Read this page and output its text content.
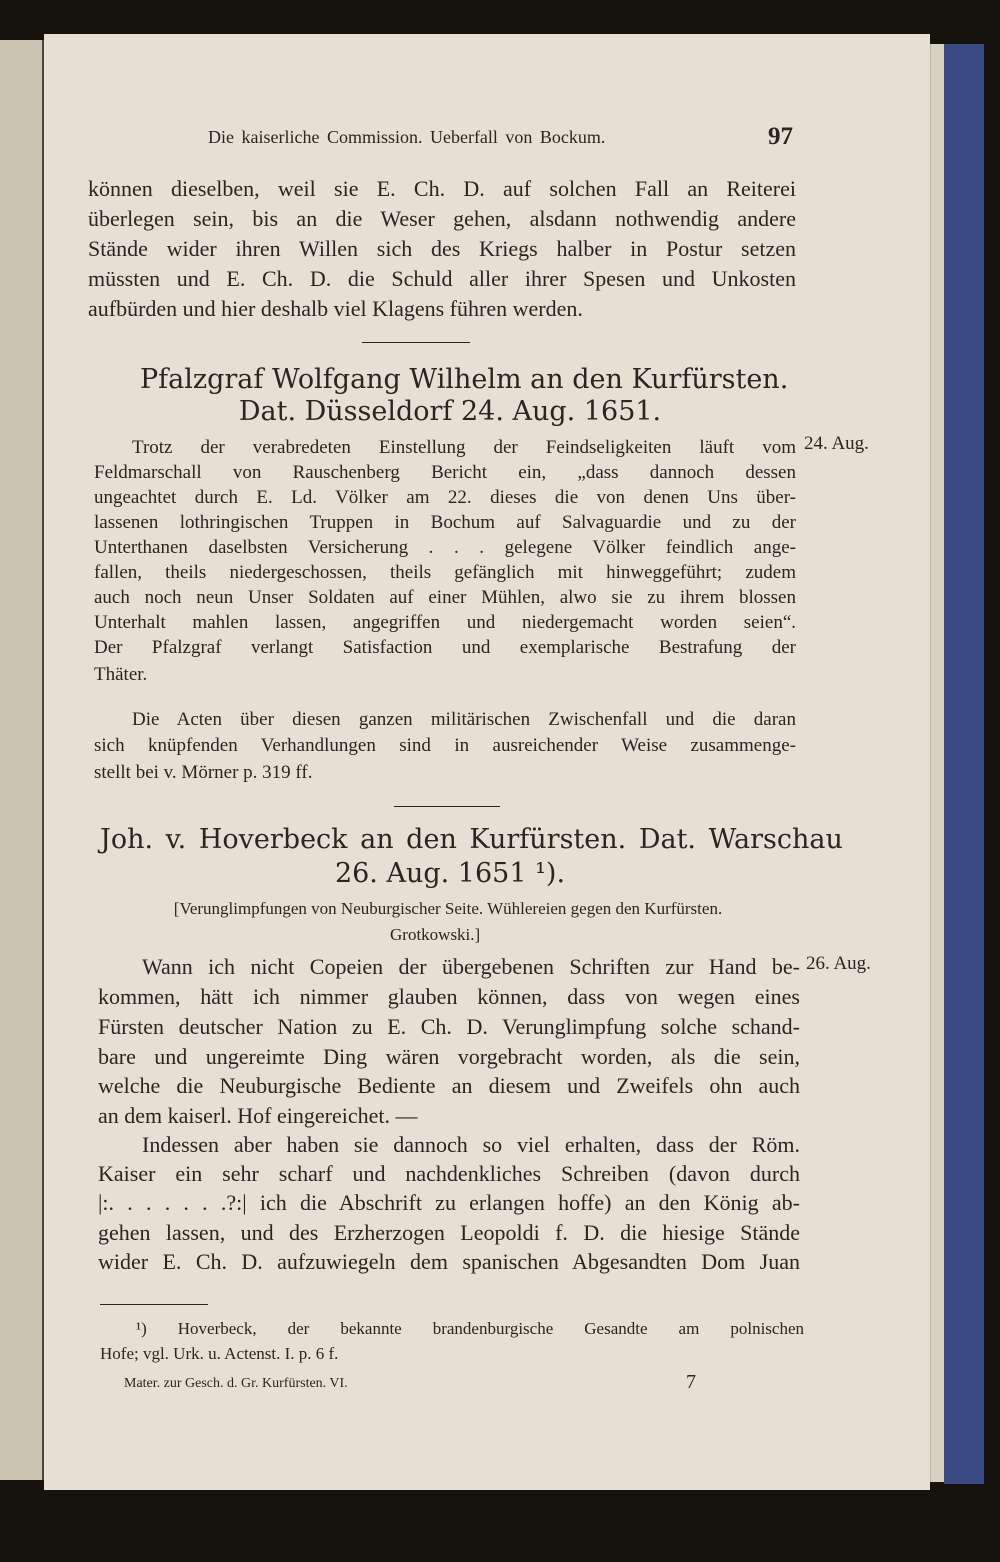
Die kaiserliche Commission. Ueberfall von Bockum.	97
können dieselben, weil sie E. Ch. D. auf solchen Fall an Reiterei
überlegen sein, bis an die Weser gehen, alsdann nothwendig andere
Stände wider ihren Willen sich des Kriegs halber in Postur setzen
müssten und E. Ch. D. die Schuld aller ihrer Spesen und Unkosten
aufbürden und hier deshalb viel Klagens führen werden.
Pfalzgraf Wolfgang Wilhelm an den Kurfürsten.
Dat. Düsseldorf 24. Aug. 1651.
24. Aug.
Trotz der verabredeten Einstellung der Feindseligkeiten läuft vom
Feldmarschall von Rauschenberg Bericht ein, „dass dannoch dessen
ungeachtet durch E. Ld. Völker am 22. dieses die von denen Uns über-
lassenen lothringischen Truppen in Bochum auf Salvaguardie und zu der
Unterthanen daselbsten Versicherung . . . gelegene Völker feindlich ange-
fallen, theils niedergeschossen, theils gefänglich mit hinweggeführt; zudem
auch noch neun Unser Soldaten auf einer Mühlen, alwo sie zu ihrem blossen
Unterhalt mahlen lassen, angegriffen und niedergemacht worden seien“.
Der Pfalzgraf verlangt Satisfaction und exemplarische Bestrafung der
Thäter.
Die Acten über diesen ganzen militärischen Zwischenfall und die daran
sich knüpfenden Verhandlungen sind in ausreichender Weise zusammenge-
stellt bei v. Mörner p. 319 ff.
Joh. v. Hoverbeck an den Kurfürsten. Dat. Warschau
26. Aug. 1651 ¹).
[Verunglimpfungen von Neuburgischer Seite. Wühlereien gegen den Kurfürsten.
Grotkowski.]
26. Aug.
Wann ich nicht Copeien der übergebenen Schriften zur Hand be-
kommen, hätt ich nimmer glauben können, dass von wegen eines
Fürsten deutscher Nation zu E. Ch. D. Verunglimpfung solche schand-
bare und ungereimte Ding wären vorgebracht worden, als die sein,
welche die Neuburgische Bediente an diesem und Zweifels ohn auch
an dem kaiserl. Hof eingereichet. —
Indessen aber haben sie dannoch so viel erhalten, dass der Röm.
Kaiser ein sehr scharf und nachdenkliches Schreiben (davon durch
|:. . . . . . .?:| ich die Abschrift zu erlangen hoffe) an den König ab-
gehen lassen, und des Erzherzogen Leopoldi f. D. die hiesige Stände
wider E. Ch. D. aufzuwiegeln dem spanischen Abgesandten Dom Juan
¹) Hoverbeck, der bekannte brandenburgische Gesandte am polnischen
Hofe; vgl. Urk. u. Actenst. I. p. 6 f.
Mater. zur Gesch. d. Gr. Kurfürsten. VI.	7
